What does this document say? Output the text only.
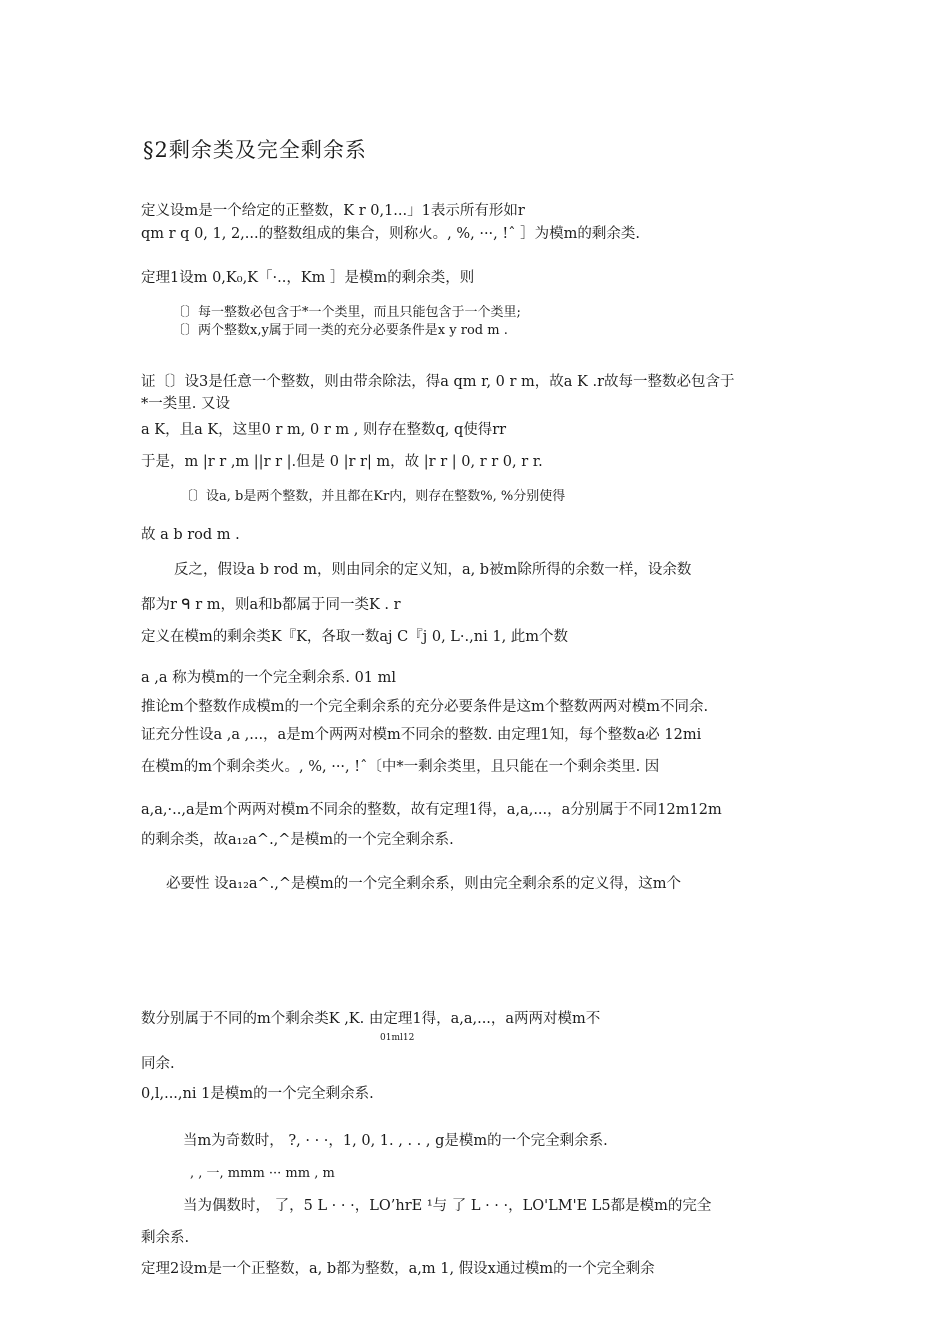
§2剩余类及完全剩余系
定义设m是一个给定的正整数，K r 0,1...」1表示所有形如r
qm r q 0, 1, 2,...的整数组成的集合，则称火。, %, ···, !ˆ ］为模m的剩余类.
定理1设m 0,K₀,K「·..，Km ］是模m的剩余类，则
〔〕每一整数必包含于*一个类里，而且只能包含于一个类里;
〔〕两个整数x,y属于同一类的充分必要条件是x y rod m .
证〔〕设3是任意一个整数，则由带余除法，得a qm r, 0 r m，故a K .r故每一整数必包含于
*一类里. 又设
a K，且a K，这里0 r m, 0 r m , 则存在整数q, q使得rr
于是，m |r r ,m ||r r |.但是 0 |r r| m，故 |r r | 0, r r 0, r r.
〔〕设a, b是两个整数，并且都在Kr内，则存在整数%, %分别使得
故 a b rod m .
反之，假设a b rod m，则由同余的定义知，a, b被m除所得的余数一样，设余数
都为r ᑫ r m，则a和b都属于同一类K . r
定义在模m的剩余类K『K，各取一数aj C『j 0, L·.,ni 1, 此m个数
a ,a 称为模m的一个完全剩余系. 01 ml
推论m个整数作成模m的一个完全剩余系的充分必要条件是这m个整数两两对模m不同余.
证充分性设a ,a ,...，a是m个两两对模m不同余的整数. 由定理1知，每个整数a必 12mi
在模m的m个剩余类火。, %, ···, !ˆ〔中*一剩余类里，且只能在一个剩余类里. 因
a,a,·..,a是m个两两对模m不同余的整数，故有定理1得，a,a,...，a分别属于不同12m12m
的剩余类，故a₁₂a^.,^是模m的一个完全剩余系.
必要性 设a₁₂a^.,^是模m的一个完全剩余系，则由完全剩余系的定义得，这m个
数分别属于不同的m个剩余类K ,K. 由定理1得，a,a,...，a两两对模m不
01ml12
同余.
0,l,...,ni 1是模m的一个完全剩余系.
当m为奇数时， ?, · · ·，1, 0, 1. , . . , g是模m的一个完全剩余系.
, , 一, mmm ··· mm , m
当为偶数时， 了，5 L · · ·，LO’hrE ¹与 了 L · · ·，LO'LM'E L5都是模m的完全
剩余系.
定理2设m是一个正整数，a, b都为整数，a,m 1, 假设x通过模m的一个完全剩余
